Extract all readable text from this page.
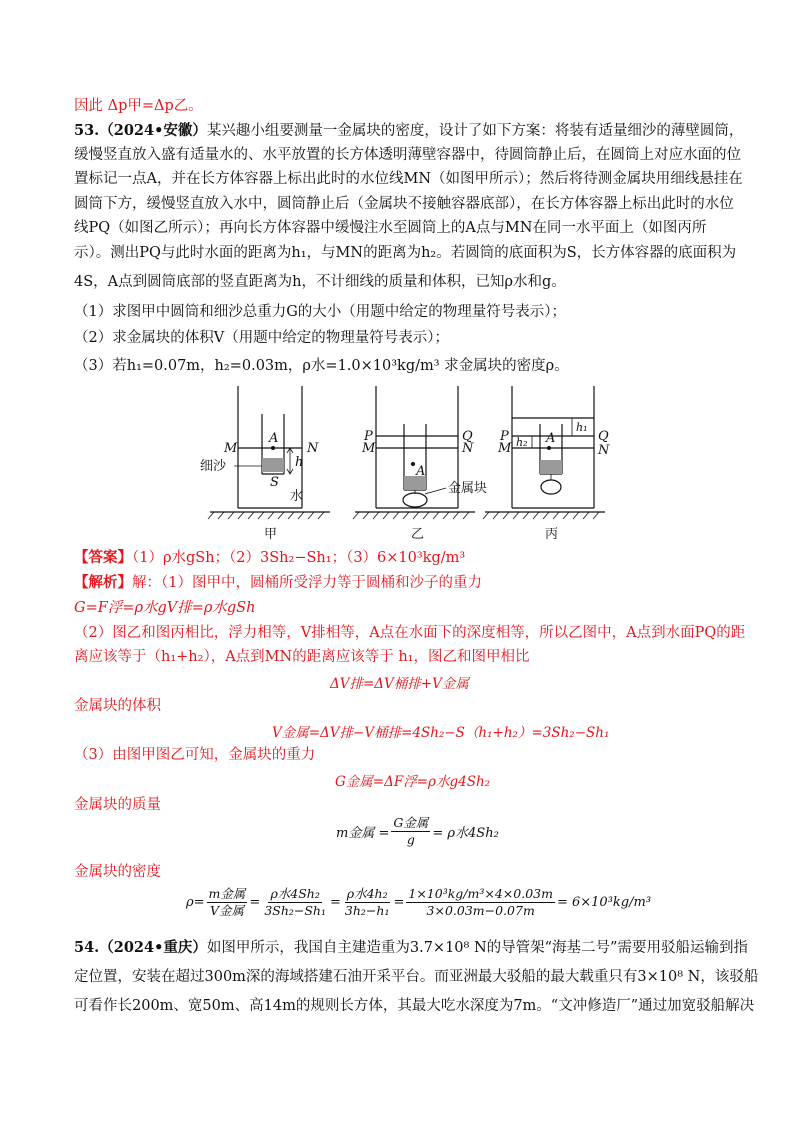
因此 Δp甲=Δp乙。
53.（2024•安徽）某兴趣小组要测量一金属块的密度，设计了如下方案：将装有适量细沙的薄壁圆筒，
缓慢竖直放入盛有适量水的、水平放置的长方体透明薄壁容器中，待圆筒静止后，在圆筒上对应水面的位
置标记一点A，并在长方体容器上标出此时的水位线MN（如图甲所示）；然后将待测金属块用细线悬挂在
圆筒下方，缓慢竖直放入水中，圆筒静止后（金属块不接触容器底部），在长方体容器上标出此时的水位
线PQ（如图乙所示）；再向长方体容器中缓慢注水至圆筒上的A点与MN在同一水平面上（如图丙所
示）。测出PQ与此时水面的距离为h₁，与MN的距离为h₂。若圆筒的底面积为S，长方体容器的底面积为
4S，A点到圆筒底部的竖直距离为h，不计细线的质量和体积，已知ρ水和g。
（1）求图甲中圆筒和细沙总重力G的大小（用题中给定的物理量符号表示）；
（2）求金属块的体积V（用题中给定的物理量符号表示）；
（3）若h₁=0.07m，h₂=0.03m，ρ水=1.0×10³kg/m³ 求金属块的密度ρ。
M	N
A
h
S
P	Q
M	N
A
P	Q
M	N
A
h₁
h₂
细沙
水
金属块
甲	乙	丙
【答案】（1）ρ水gSh；（2）3Sh₂−Sh₁；（3）6×10³kg/m³
【解析】解：（1）图甲中，圆桶所受浮力等于圆桶和沙子的重力
G=F浮=ρ水gV排=ρ水gSh
（2）图乙和图丙相比，浮力相等，V排相等，A点在水面下的深度相等，所以乙图中，A点到水面PQ的距
离应该等于（h₁+h₂），A点到MN的距离应该等于 h₁，图乙和图甲相比
ΔV排=ΔV桶排+V金属
金属块的体积
V金属=ΔV排−V桶排=4Sh₂−S（h₁+h₂）=3Sh₂−Sh₁
（3）由图甲图乙可知，金属块的重力
G金属=ΔF浮=ρ水g4Sh₂
金属块的质量
m金属 = $\frac{\text{G金属}}{g} = \rho$水4Sh₂
金属块的密度
$\rho= \frac{\text{m金属}}{\text{V金属}} = \frac{\text{ρ水4Sh₂}}{\text{3Sh₂−Sh₁}} = \frac{\text{ρ水4h₂}}{\text{3h₂−h₁}} = \frac{\text{1×10³kg/m³×4×0.03m}}{3\times 0.03m-0.07m} = 6\times 10^3kg/m^3$
54.（2024•重庆）如图甲所示，我国自主建造重为3.7×10⁸ N的导管架“海基二号”需要用驳船运输到指
定位置，安装在超过300m深的海域搭建石油开采平台。而亚洲最大驳船的最大载重只有3×10⁸ N，该驳船
可看作长200m、宽50m、高14m的规则长方体，其最大吃水深度为7m。“文冲修造厂”通过加宽驳船解决
